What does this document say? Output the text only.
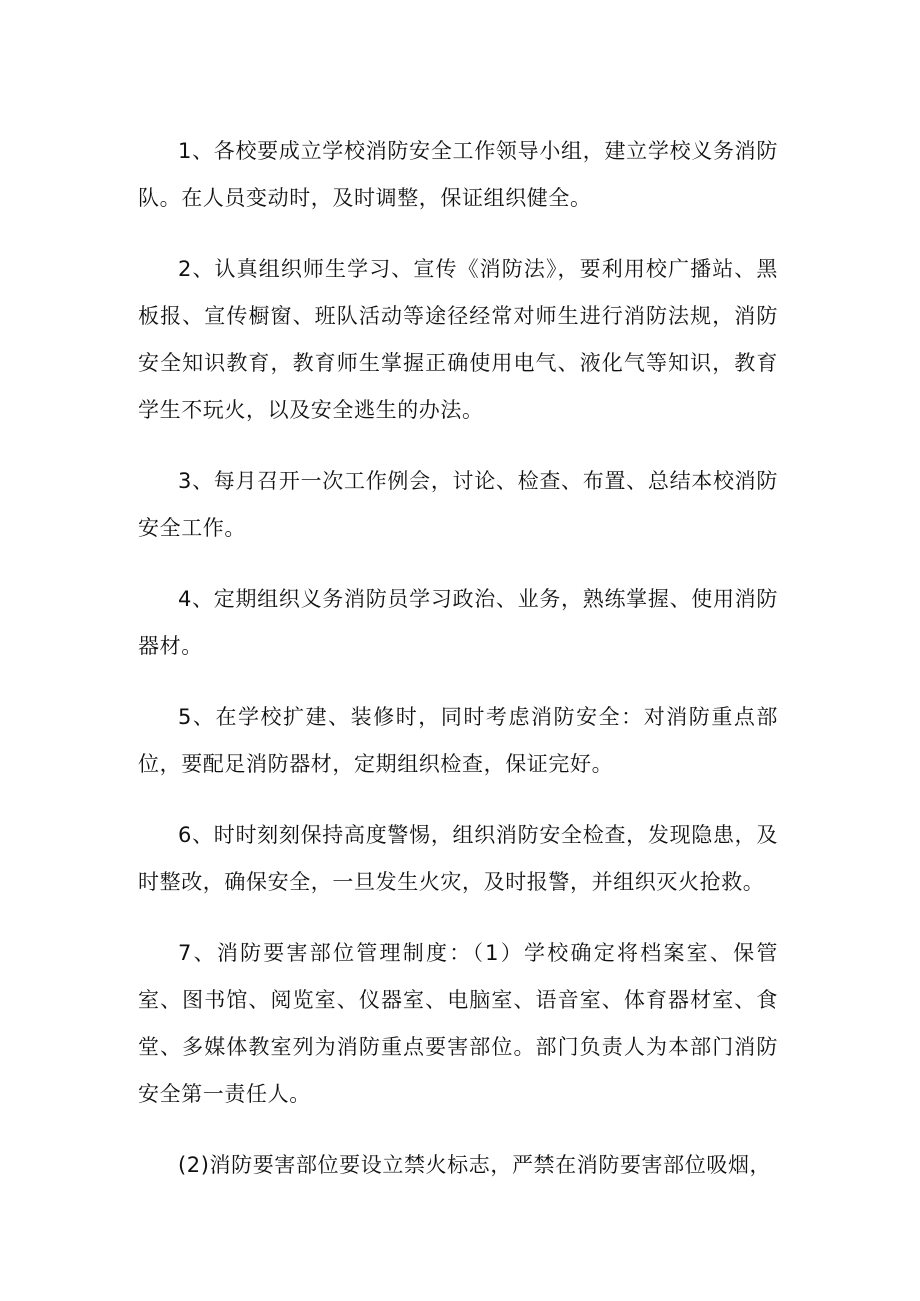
1、各校要成立学校消防安全工作领导小组，建立学校义务消防队。在人员变动时，及时调整，保证组织健全。

2、认真组织师生学习、宣传《消防法》，要利用校广播站、黑板报、宣传橱窗、班队活动等途径经常对师生进行消防法规，消防安全知识教育，教育师生掌握正确使用电气、液化气等知识，教育学生不玩火，以及安全逃生的办法。

3、每月召开一次工作例会，讨论、检查、布置、总结本校消防安全工作。

4、定期组织义务消防员学习政治、业务，熟练掌握、使用消防器材。

5、在学校扩建、装修时，同时考虑消防安全：对消防重点部位，要配足消防器材，定期组织检查，保证完好。

6、时时刻刻保持高度警惕，组织消防安全检查，发现隐患，及时整改，确保安全，一旦发生火灾，及时报警，并组织灭火抢救。

7、消防要害部位管理制度：（1）学校确定将档案室、保管室、图书馆、阅览室、仪器室、电脑室、语音室、体育器材室、食堂、多媒体教室列为消防重点要害部位。部门负责人为本部门消防安全第一责任人。

(2)消防要害部位要设立禁火标志，严禁在消防要害部位吸烟，
